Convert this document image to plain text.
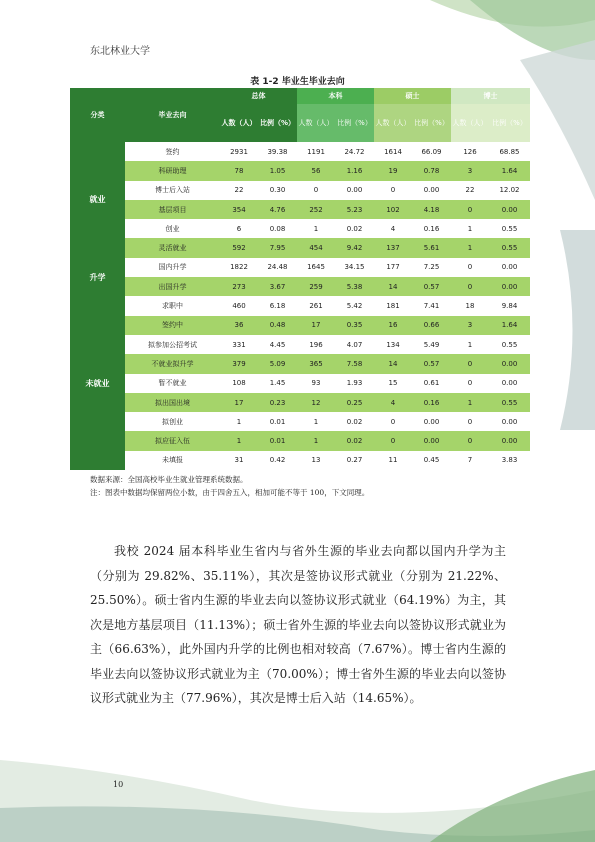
东北林业大学
表 1-2 毕业生毕业去向
分类	毕业去向	总体		本科		硕士		博士	
		人数（人）	比例（%）	人数（人）	比例（%）	人数（人）	比例（%）	人数（人）	比例（%）
就业	签约	2931	39.38	1191	24.72	1614	66.09	126	68.85
	科研助理	78	1.05	56	1.16	19	0.78	3	1.64
	博士后入站	22	0.30	0	0.00	0	0.00	22	12.02
	基层项目	354	4.76	252	5.23	102	4.18	0	0.00
	创业	6	0.08	1	0.02	4	0.16	1	0.55
	灵活就业	592	7.95	454	9.42	137	5.61	1	0.55
升学	国内升学	1822	24.48	1645	34.15	177	7.25	0	0.00
	出国升学	273	3.67	259	5.38	14	0.57	0	0.00
未就业	求职中	460	6.18	261	5.42	181	7.41	18	9.84
	签约中	36	0.48	17	0.35	16	0.66	3	1.64
	拟参加公招考试	331	4.45	196	4.07	134	5.49	1	0.55
	不就业拟升学	379	5.09	365	7.58	14	0.57	0	0.00
	暂不就业	108	1.45	93	1.93	15	0.61	0	0.00
	拟出国出境	17	0.23	12	0.25	4	0.16	1	0.55
	拟创业	1	0.01	1	0.02	0	0.00	0	0.00
	拟应征入伍	1	0.01	1	0.02	0	0.00	0	0.00
	未填报	31	0.42	13	0.27	11	0.45	7	3.83
数据来源：全国高校毕业生就业管理系统数据。
注：图表中数据均保留两位小数，由于四舍五入，相加可能不等于 100，下文同理。

我校 2024 届本科毕业生省内与省外生源的毕业去向都以国内升学为主（分别为 29.82%、35.11%），其次是签协议形式就业（分别为 21.22%、25.50%）。硕士省内生源的毕业去向以签协议形式就业（64.19%）为主，其次是地方基层项目（11.13%）；硕士省外生源的毕业去向以签协议形式就业为主（66.63%），此外国内升学的比例也相对较高（7.67%）。博士省内生源的毕业去向以签协议形式就业为主（70.00%）；博士省外生源的毕业去向以签协议形式就业为主（77.96%），其次是博士后入站（14.65%）。

10
